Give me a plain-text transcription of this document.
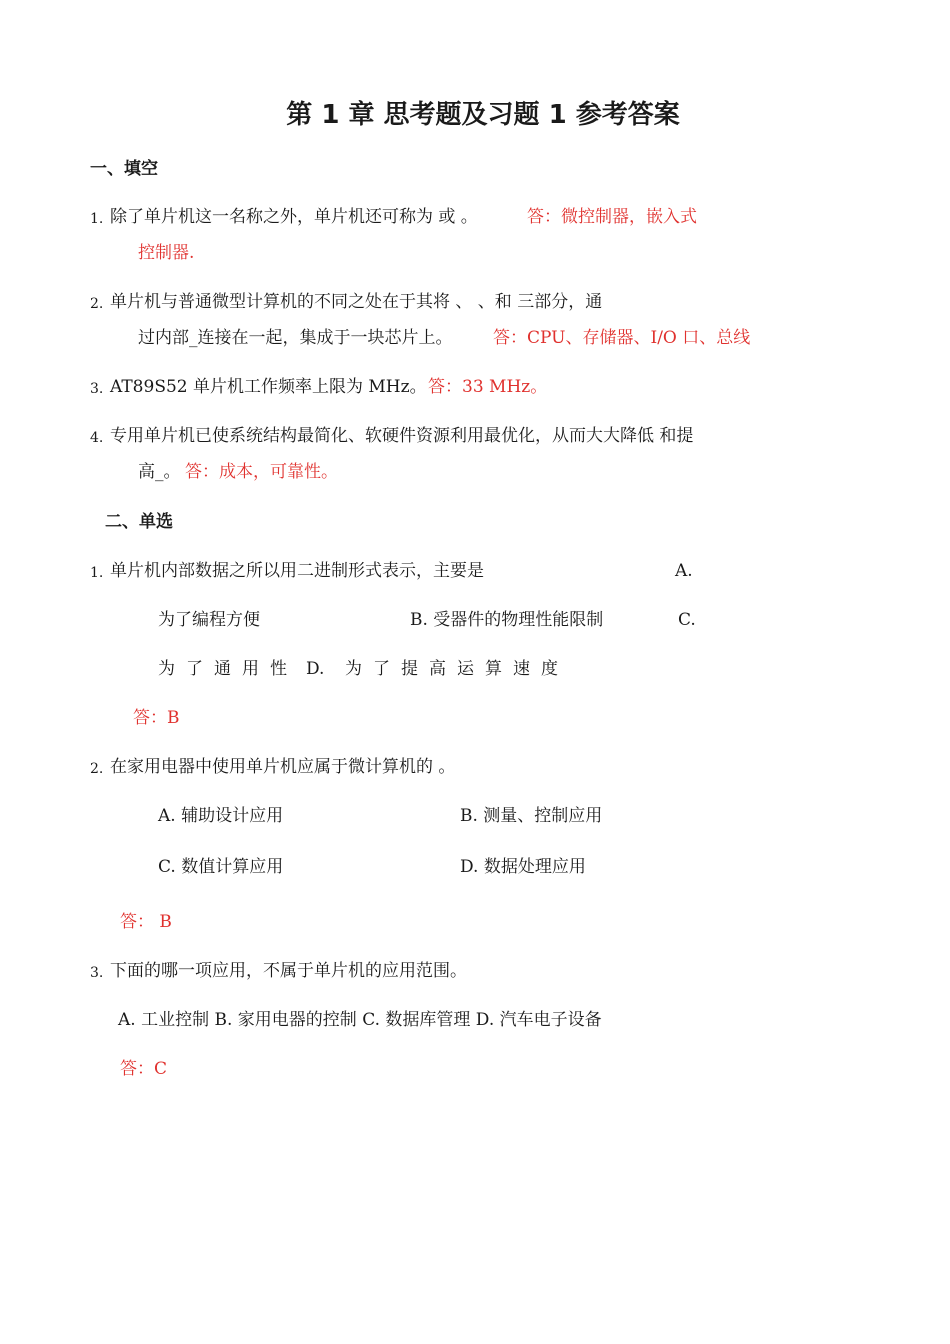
第 1 章 思考题及习题 1 参考答案
一、填空
1. 除了单片机这一名称之外，单片机还可称为 或 。	答：微控制器，嵌入式
控制器.
2. 单片机与普通微型计算机的不同之处在于其将 、 、和 三部分，通
过内部_连接在一起，集成于一块芯片上。 答：CPU、存储器、I/O 口、总线
3. AT89S52 单片机工作频率上限为 MHz。 答：33 MHz。
4. 专用单片机已使系统结构最简化、软硬件资源利用最优化，从而大大降低 和提
高_。 答：成本，可靠性。
二、单选
1. 单片机内部数据之所以用二进制形式表示，主要是	A.
为了编程方便	B. 受器件的物理性能限制	C.
为了通用性 D. 为了提高运算速度
答：B
2. 在家用电器中使用单片机应属于微计算机的 。
A. 辅助设计应用	B. 测量、控制应用
C. 数值计算应用	D. 数据处理应用
答： B
3. 下面的哪一项应用，不属于单片机的应用范围。
A. 工业控制 B. 家用电器的控制 C. 数据库管理 D. 汽车电子设备
答：C
